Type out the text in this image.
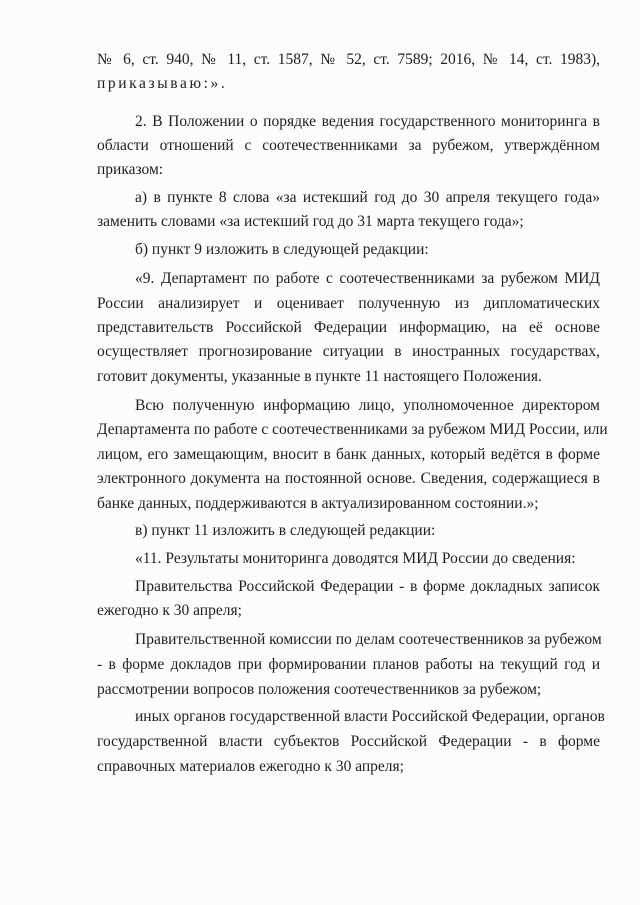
№ 6, ст. 940, № 11, ст. 1587, № 52, ст. 7589; 2016, № 14, ст. 1983),
приказываю:».
2. В Положении о порядке ведения государственного мониторинга в
области отношений с соотечественниками за рубежом, утверждённом
приказом:
а) в пункте 8 слова «за истекший год до 30 апреля текущего года»
заменить словами «за истекший год до 31 марта текущего года»;
б) пункт 9 изложить в следующей редакции:
«9. Департамент по работе с соотечественниками за рубежом МИД
России анализирует и оценивает полученную из дипломатических
представительств Российской Федерации информацию, на её основе
осуществляет прогнозирование ситуации в иностранных государствах,
готовит документы, указанные в пункте 11 настоящего Положения.
Всю полученную информацию лицо, уполномоченное директором
Департамента по работе с соотечественниками за рубежом МИД России, или
лицом, его замещающим, вносит в банк данных, который ведётся в форме
электронного документа на постоянной основе. Сведения, содержащиеся в
банке данных, поддерживаются в актуализированном состоянии.»;
в) пункт 11 изложить в следующей редакции:
«11. Результаты мониторинга доводятся МИД России до сведения:
Правительства Российской Федерации - в форме докладных записок
ежегодно к 30 апреля;
Правительственной комиссии по делам соотечественников за рубежом
- в форме докладов при формировании планов работы на текущий год и
рассмотрении вопросов положения соотечественников за рубежом;
иных органов государственной власти Российской Федерации, органов
государственной власти субъектов Российской Федерации - в форме
справочных материалов ежегодно к 30 апреля;
